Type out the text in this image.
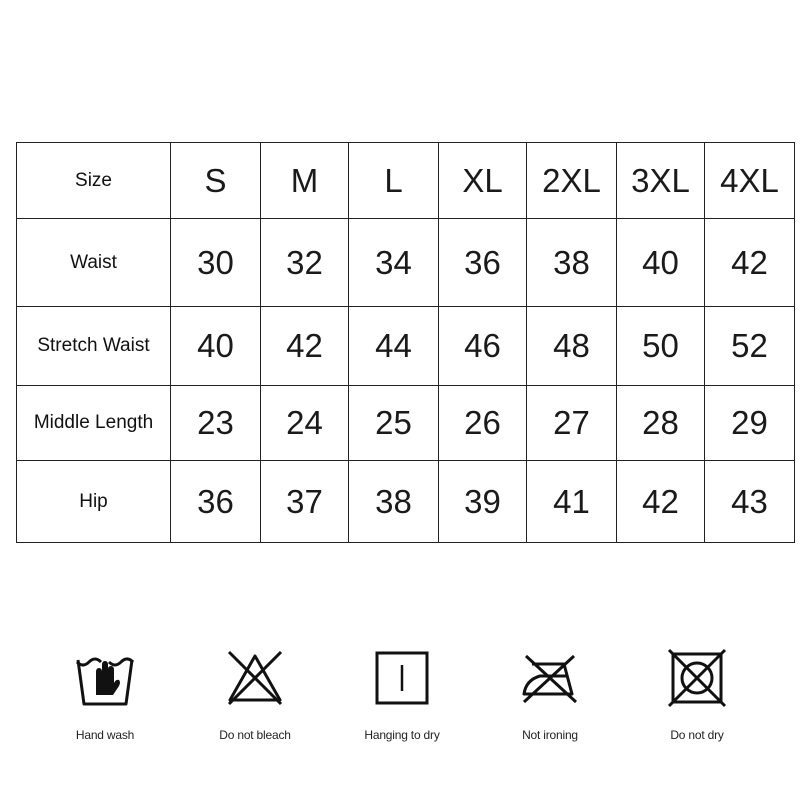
Size	S	M	L	XL	2XL	3XL	4XL
Waist	30	32	34	36	38	40	42
Stretch Waist	40	42	44	46	48	50	52
Middle Length	23	24	25	26	27	28	29
Hip	36	37	38	39	41	42	43
Hand wash	Do not bleach	Hanging to dry	Not ironing	Do not dry
